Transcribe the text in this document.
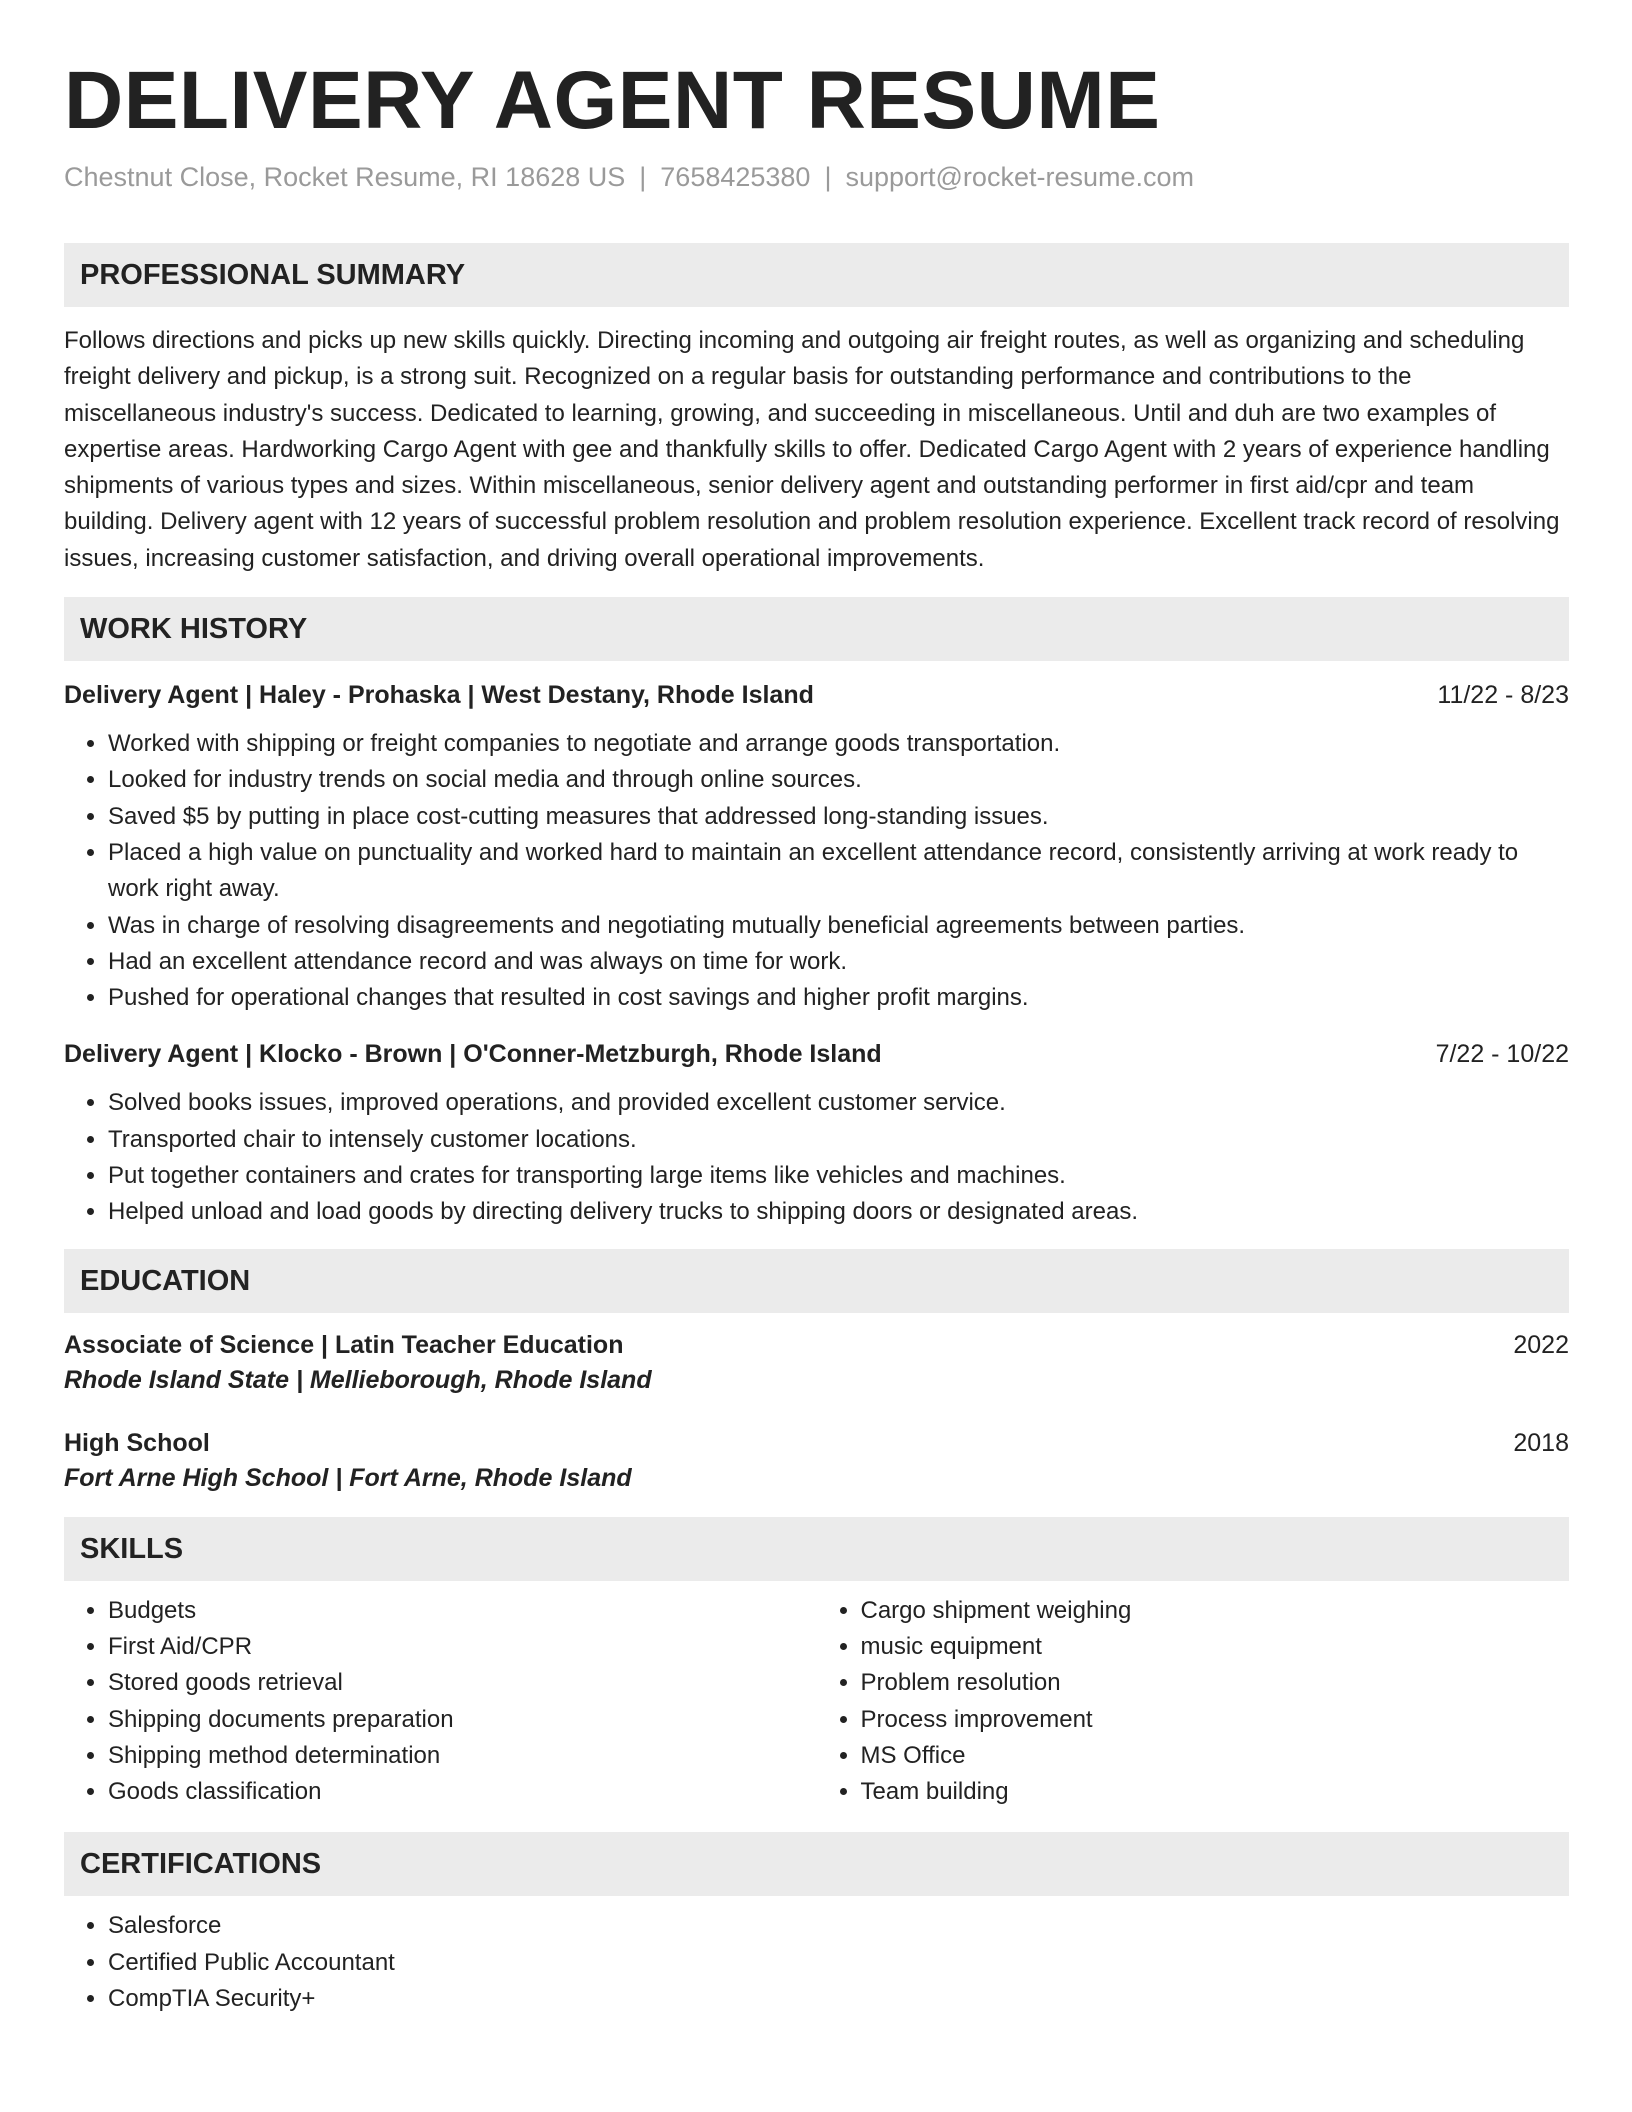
DELIVERY AGENT RESUME
Chestnut Close, Rocket Resume, RI 18628 US | 7658425380 | support@rocket-resume.com
PROFESSIONAL SUMMARY

Follows directions and picks up new skills quickly. Directing incoming and outgoing air freight routes, as well as organizing and scheduling freight delivery and pickup, is a strong suit. Recognized on a regular basis for outstanding performance and contributions to the miscellaneous industry's success. Dedicated to learning, growing, and succeeding in miscellaneous. Until and duh are two examples of expertise areas. Hardworking Cargo Agent with gee and thankfully skills to offer. Dedicated Cargo Agent with 2 years of experience handling shipments of various types and sizes. Within miscellaneous, senior delivery agent and outstanding performer in first aid/cpr and team building. Delivery agent with 12 years of successful problem resolution and problem resolution experience. Excellent track record of resolving issues, increasing customer satisfaction, and driving overall operational improvements.

WORK HISTORY
Delivery Agent | Haley - Prohaska | West Destany, Rhode Island	11/22 - 8/23
• Worked with shipping or freight companies to negotiate and arrange goods transportation.
• Looked for industry trends on social media and through online sources.
• Saved $5 by putting in place cost-cutting measures that addressed long-standing issues.
• Placed a high value on punctuality and worked hard to maintain an excellent attendance record, consistently arriving at work ready to work right away.
• Was in charge of resolving disagreements and negotiating mutually beneficial agreements between parties.
• Had an excellent attendance record and was always on time for work.
• Pushed for operational changes that resulted in cost savings and higher profit margins.
Delivery Agent | Klocko - Brown | O'Conner-Metzburgh, Rhode Island	7/22 - 10/22
• Solved books issues, improved operations, and provided excellent customer service.
• Transported chair to intensely customer locations.
• Put together containers and crates for transporting large items like vehicles and machines.
• Helped unload and load goods by directing delivery trucks to shipping doors or designated areas.
EDUCATION
Associate of Science | Latin Teacher Education	2022
Rhode Island State | Mellieborough, Rhode Island
High School	2018
Fort Arne High School | Fort Arne, Rhode Island
SKILLS
• Budgets
• First Aid/CPR
• Stored goods retrieval
• Shipping documents preparation
• Shipping method determination
• Goods classification
• Cargo shipment weighing
• music equipment
• Problem resolution
• Process improvement
• MS Office
• Team building
CERTIFICATIONS
• Salesforce
• Certified Public Accountant
• CompTIA Security+
